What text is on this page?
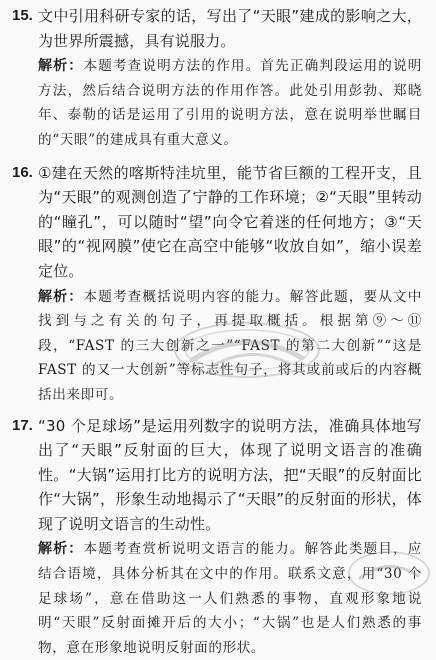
15. 文中引用科研专家的话，写出了“天眼”建成的影响之大，为世界所震撼，具有说服力。

解析：本题考查说明方法的作用。首先正确判段运用的说明方法，然后结合说明方法的作用作答。此处引用彭勃、郑晓年、泰勒的话是运用了引用的说明方法，意在说明举世瞩目的“天眼”的建成具有重大意义。

16. ①建在天然的喀斯特洼坑里，能节省巨额的工程开支，且为“天眼”的观测创造了宁静的工作环境；②“天眼”里转动的“瞳孔”，可以随时“望”向令它着迷的任何地方；③“天眼”的“视网膜”使它在高空中能够“收放自如”，缩小误差定位。

解析：本题考查概括说明内容的能力。解答此题，要从文中找到与之有关的句子，再提取概括。根据第⑨～⑪段，“FAST 的三大创新之一”“FAST 的第二大创新”“这是 FAST 的又一大创新”等标志性句子，将其或前或后的内容概括出来即可。

17. “30 个足球场”是运用列数字的说明方法，准确具体地写出了“天眼”反射面的巨大，体现了说明文语言的准确性。“大锅”运用打比方的说明方法，把“天眼”的反射面比作“大锅”，形象生动地揭示了“天眼”的反射面的形状，体现了说明文语言的生动性。

解析：本题考查赏析说明文语言的能力。解答此类题目，应结合语境，具体分析其在文中的作用。联系文意，用“30 个足球场”，意在借助这一人们熟悉的事物，直观形象地说明“天眼”反射面摊开后的大小；“大锅”也是人们熟悉的事物，意在形象地说明反射面的形状。
